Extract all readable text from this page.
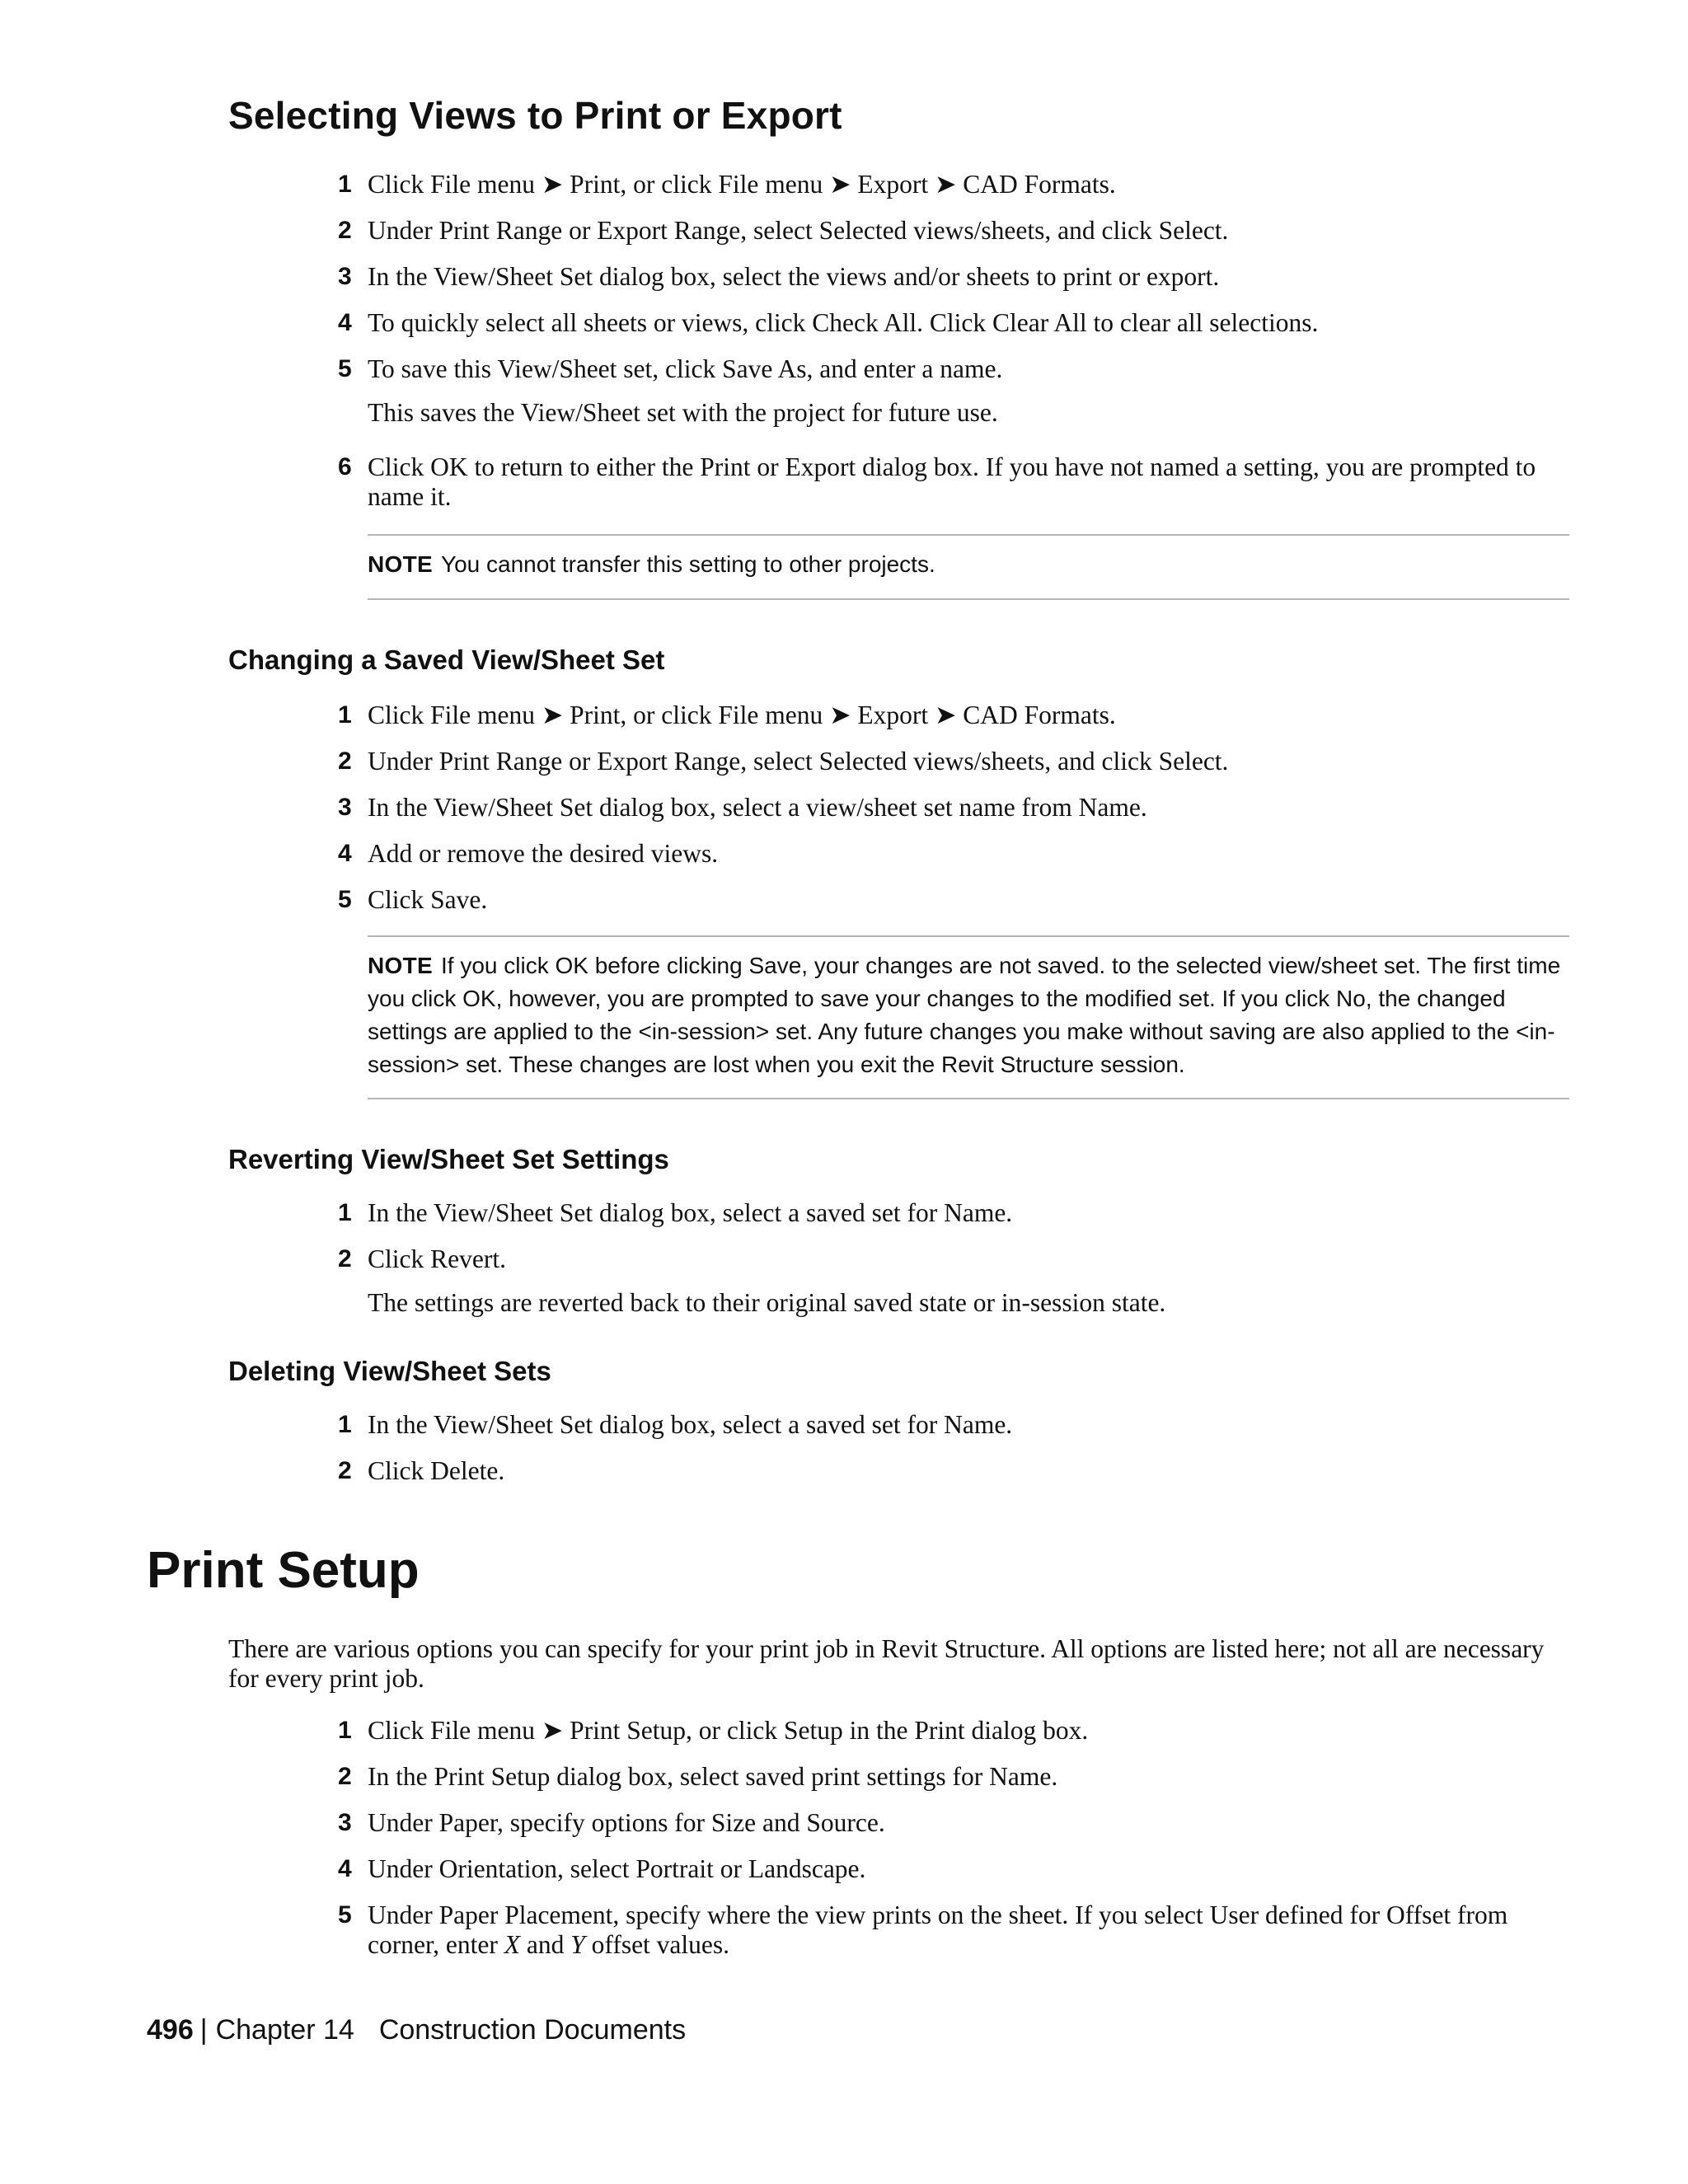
Selecting Views to Print or Export
1 Click File menu ➤ Print, or click File menu ➤ Export ➤ CAD Formats.
2 Under Print Range or Export Range, select Selected views/sheets, and click Select.
3 In the View/Sheet Set dialog box, select the views and/or sheets to print or export.
4 To quickly select all sheets or views, click Check All. Click Clear All to clear all selections.
5 To save this View/Sheet set, click Save As, and enter a name.
This saves the View/Sheet set with the project for future use.
6 Click OK to return to either the Print or Export dialog box. If you have not named a setting, you are prompted to name it.
NOTE You cannot transfer this setting to other projects.
Changing a Saved View/Sheet Set
1 Click File menu ➤ Print, or click File menu ➤ Export ➤ CAD Formats.
2 Under Print Range or Export Range, select Selected views/sheets, and click Select.
3 In the View/Sheet Set dialog box, select a view/sheet set name from Name.
4 Add or remove the desired views.
5 Click Save.
NOTE If you click OK before clicking Save, your changes are not saved. to the selected view/sheet set. The first time you click OK, however, you are prompted to save your changes to the modified set. If you click No, the changed settings are applied to the <in-session> set. Any future changes you make without saving are also applied to the <in-session> set. These changes are lost when you exit the Revit Structure session.
Reverting View/Sheet Set Settings
1 In the View/Sheet Set dialog box, select a saved set for Name.
2 Click Revert.
The settings are reverted back to their original saved state or in-session state.
Deleting View/Sheet Sets
1 In the View/Sheet Set dialog box, select a saved set for Name.
2 Click Delete.
Print Setup
There are various options you can specify for your print job in Revit Structure. All options are listed here; not all are necessary for every print job.
1 Click File menu ➤ Print Setup, or click Setup in the Print dialog box.
2 In the Print Setup dialog box, select saved print settings for Name.
3 Under Paper, specify options for Size and Source.
4 Under Orientation, select Portrait or Landscape.
5 Under Paper Placement, specify where the view prints on the sheet. If you select User defined for Offset from corner, enter X and Y offset values.
496 | Chapter 14 Construction Documents
